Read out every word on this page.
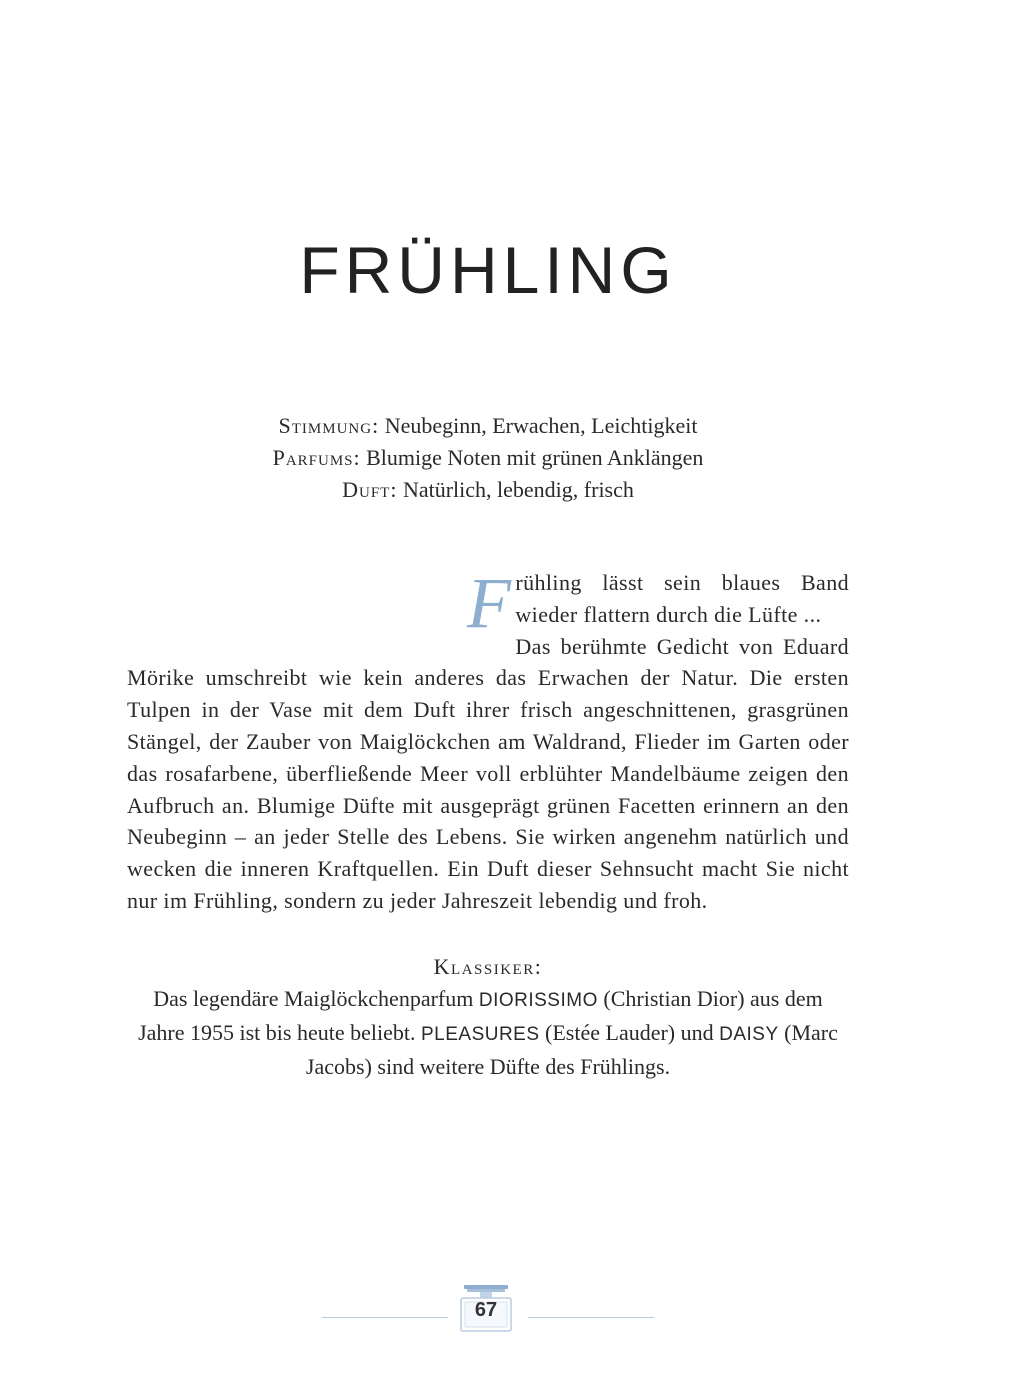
FRÜHLING
Stimmung: Neubeginn, Erwachen, Leichtigkeit
Parfums: Blumige Noten mit grünen Anklängen
Duft: Natürlich, lebendig, frisch
Frühling lässt sein blaues Band wieder flattern durch die Lüfte ...
Das berühmte Gedicht von Eduard Mörike umschreibt wie kein anderes das Erwachen der Natur. Die ersten Tulpen in der Vase mit dem Duft ihrer frisch angeschnittenen, grasgrünen Stängel, der Zauber von Maiglöckchen am Waldrand, Flieder im Garten oder das rosafarbene, überfließende Meer voll erblühter Mandelbäume zeigen den Aufbruch an. Blumige Düfte mit ausgeprägt grünen Facetten erinnern an den Neubeginn – an jeder Stelle des Lebens. Sie wirken angenehm natürlich und wecken die inneren Kraftquellen. Ein Duft dieser Sehnsucht macht Sie nicht nur im Frühling, sondern zu jeder Jahreszeit lebendig und froh.
Klassiker:
Das legendäre Maiglöckchenparfum DIORISSIMO (Christian Dior) aus dem Jahre 1955 ist bis heute beliebt. PLEASURES (Estée Lauder) und DAISY (Marc Jacobs) sind weitere Düfte des Frühlings.
67
